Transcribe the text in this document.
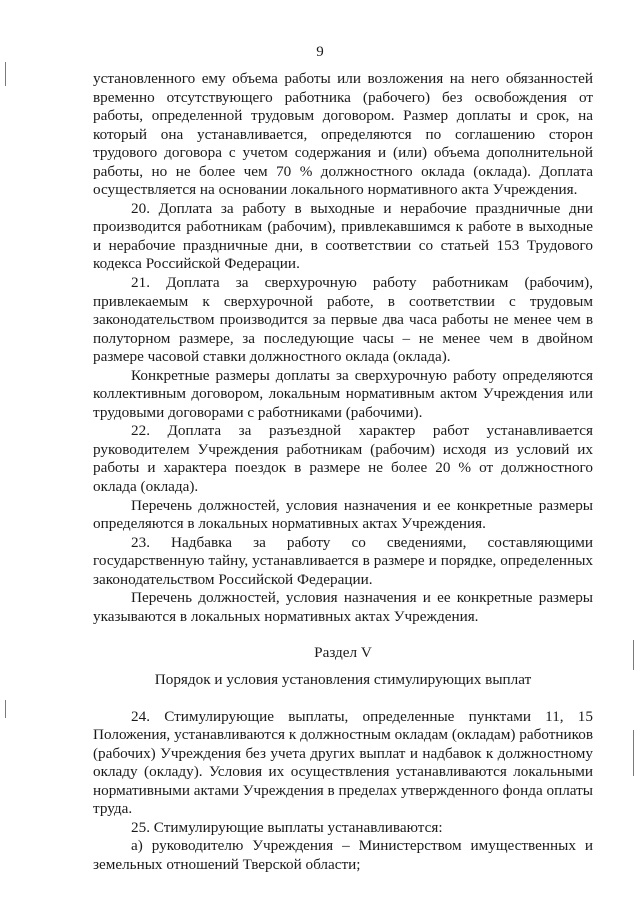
9

установленного ему объема работы или возложения на него обязанностей временно отсутствующего работника (рабочего) без освобождения от работы, определенной трудовым договором. Размер доплаты и срок, на который она устанавливается, определяются по соглашению сторон трудового договора с учетом содержания и (или) объема дополнительной работы, но не более чем 70 % должностного оклада (оклада). Доплата осуществляется на основании локального нормативного акта Учреждения.

20. Доплата за работу в выходные и нерабочие праздничные дни производится работникам (рабочим), привлекавшимся к работе в выходные и нерабочие праздничные дни, в соответствии со статьей 153 Трудового кодекса Российской Федерации.

21. Доплата за сверхурочную работу работникам (рабочим), привлекаемым к сверхурочной работе, в соответствии с трудовым законодательством производится за первые два часа работы не менее чем в полуторном размере, за последующие часы – не менее чем в двойном размере часовой ставки должностного оклада (оклада).

Конкретные размеры доплаты за сверхурочную работу определяются коллективным договором, локальным нормативным актом Учреждения или трудовыми договорами с работниками (рабочими).

22. Доплата за разъездной характер работ устанавливается руководителем Учреждения работникам (рабочим) исходя из условий их работы и характера поездок в размере не более 20 % от должностного оклада (оклада).

Перечень должностей, условия назначения и ее конкретные размеры определяются в локальных нормативных актах Учреждения.

23. Надбавка за работу со сведениями, составляющими государственную тайну, устанавливается в размере и порядке, определенных законодательством Российской Федерации.

Перечень должностей, условия назначения и ее конкретные размеры указываются в локальных нормативных актах Учреждения.

Раздел V

Порядок и условия установления стимулирующих выплат

24. Стимулирующие выплаты, определенные пунктами 11, 15 Положения, устанавливаются к должностным окладам (окладам) работников (рабочих) Учреждения без учета других выплат и надбавок к должностному окладу (окладу). Условия их осуществления устанавливаются локальными нормативными актами Учреждения в пределах утвержденного фонда оплаты труда.

25. Стимулирующие выплаты устанавливаются:

а) руководителю Учреждения – Министерством имущественных и земельных отношений Тверской области;
